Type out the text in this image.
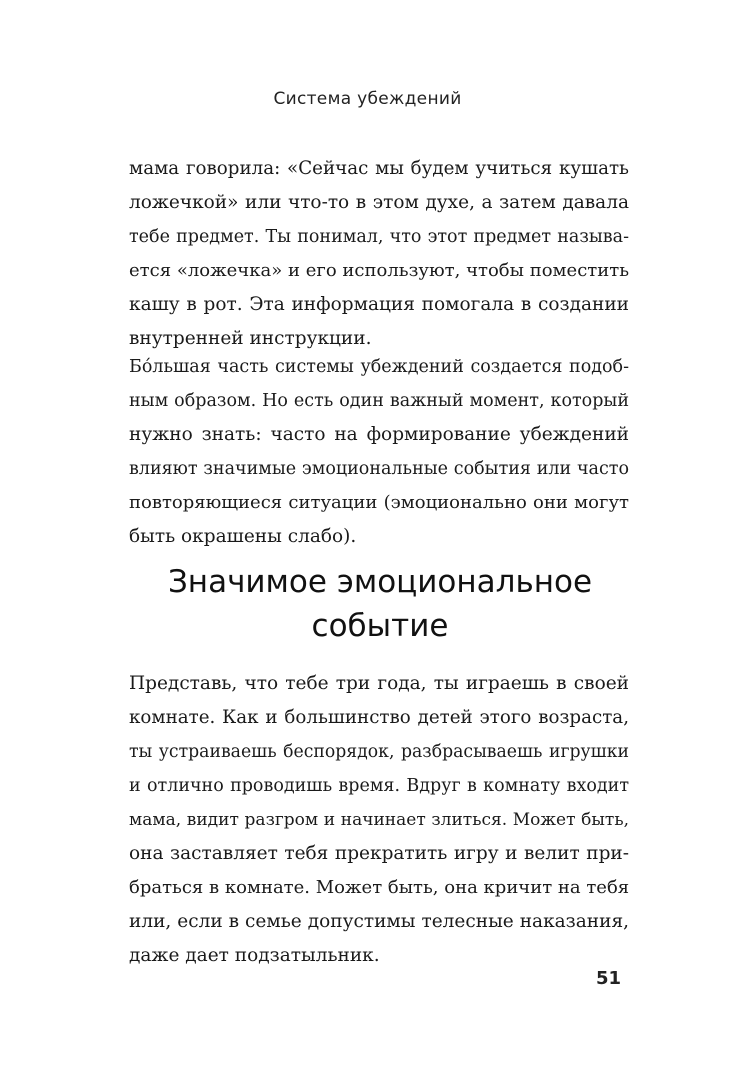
Система убеждений
мама говорила: «Сейчас мы будем учиться кушать
ложечкой» или что-то в этом духе, а затем давала
тебе предмет. Ты понимал, что этот предмет называ-
ется «ложечка» и его используют, чтобы поместить
кашу в рот. Эта информация помогала в создании
внутренней инструкции.
Бóльшая часть системы убеждений создается подоб-
ным образом. Но есть один важный момент, который
нужно знать: часто на формирование убеждений
влияют значимые эмоциональные события или часто
повторяющиеся ситуации (эмоционально они могут
быть окрашены слабо).
Значимое эмоциональное
событие
Представь, что тебе три года, ты играешь в своей
комнате. Как и большинство детей этого возраста,
ты устраиваешь беспорядок, разбрасываешь игрушки
и отлично проводишь время. Вдруг в комнату входит
мама, видит разгром и начинает злиться. Может быть,
она заставляет тебя прекратить игру и велит при-
браться в комнате. Может быть, она кричит на тебя
или, если в семье допустимы телесные наказания,
даже дает подзатыльник.
51
